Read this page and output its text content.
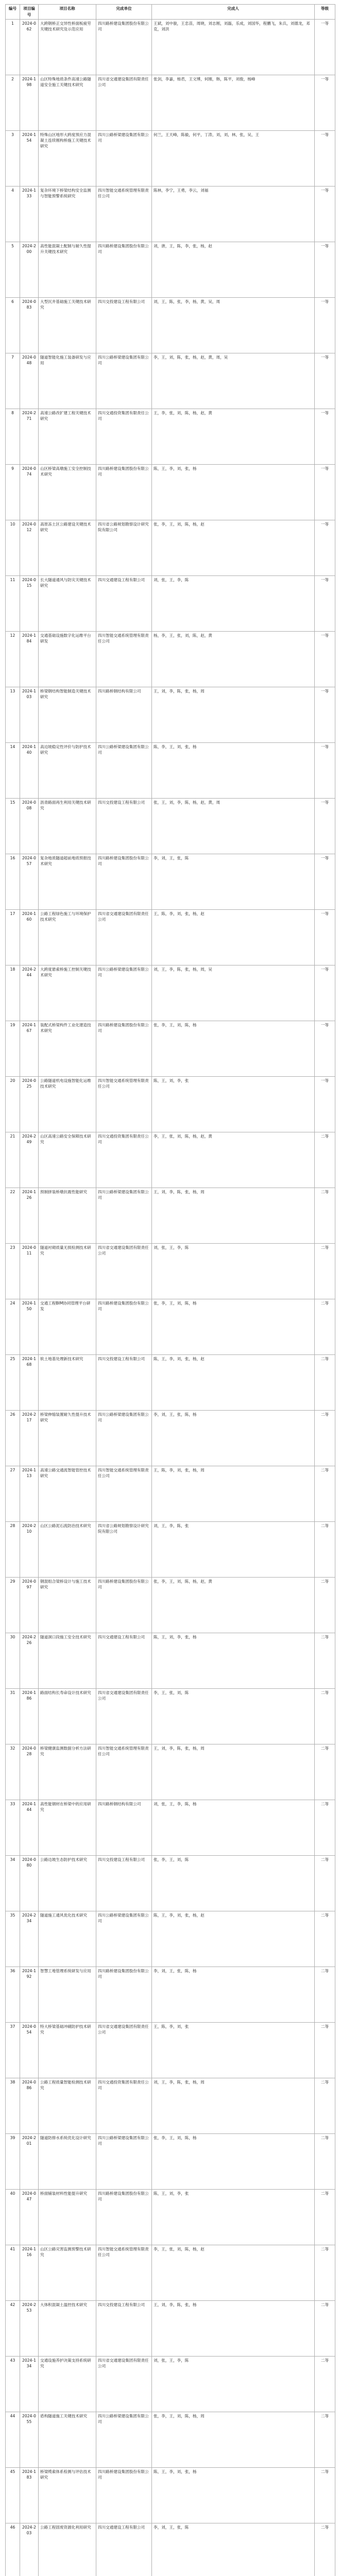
编号	项目编号	项目名称	完成单位	完成人	等级
1	2024-062	大跨钢桥正交异性桥面板疲劳关键技术研究及示范应用	四川路桥建设集团股份有限公司	王斌，刘中骏，王忠苗，周晓，刘志刚，刘磊，乐成，刘国华，程鹏飞，朱兵，刘德龙，邓克，刘洪	一等
2	2024-198	山区特殊地质条件高速公路隧道安全施工关键技术研究	四川省交通建设集团有限责任公司	张剑，李嘉，杨君，王文博，何刚，韩，陈平，刘俊，杨峰	一等
3	2024-154	特殊山区地形大跨度预应力混凝土连续刚构桥施工关键技术研究	四川公路桥梁建设集团有限公司	何兰，王天峰，陈毅，何平，丁涛，刘，刘，林，张，吴，王	一等
4	2024-133	复杂环境下桥梁结构安全监测与智能预警系统研究	四川智能交通系统管理有限责任公司	陈林，李宁，王勇，李云，刘福	一等
5	2024-200	高性能混凝土配制与耐久性提升关键技术研究	四川路桥建设集团股份有限公司	刘，唐，王，陈，李，张，杨，赵	一等
6	2024-083	大型沉井基础施工关键技术研究	四川交投建设工程有限公司	刘，王，陈，张，李，杨，黄，吴，周	一等
7	2024-048	隧道智能化施工装备研发与应用	四川公路桥梁建设集团有限公司	李，王，刘，陈，张，杨，赵，黄，周，吴	一等
8	2024-271	高速公路改扩建工程关键技术研究	四川交通投资集团有限责任公司	王，李，张，刘，陈，杨，赵，黄	一等
9	2024-074	山区桥梁高墩施工安全控制技术研究	四川路桥建设集团股份有限公司	陈，王，李，刘，张，杨	一等
10	2024-012	高原冻土区公路建设关键技术研究	四川省公路规划勘察设计研究院有限公司	张，李，王，刘，陈，杨，赵	一等
11	2024-015	长大隧道通风与防灾关键技术研究	四川交通建设工程有限公司	刘，张，王，李，陈	一等
12	2024-184	交通基础设施数字化运维平台研发	四川智能交通系统管理有限责任公司	杨，李，王，张，刘，陈，赵，黄	一等
13	2024-103	桥梁钢结构智能制造关键技术研究	四川路桥钢结构有限公司	王，刘，李，陈，张，杨，周	一等
14	2024-140	高边坡稳定性评价与防护技术研究	四川公路桥梁建设集团有限公司	陈，李，王，刘，张，杨	一等
15	2024-008	沥青路面再生利用关键技术研究	四川交投建设工程有限公司	张，王，刘，李，陈，杨，赵，黄，周	一等
16	2024-057	复杂地质隧道超前地质预报技术研究	四川路桥建设集团股份有限公司	李，刘，王，张，陈	一等
17	2024-160	公路工程绿色施工与环境保护技术研究	四川省交通建设集团有限责任公司	王，陈，李，刘，张，杨，赵	一等
18	2024-244	大跨度悬索桥施工控制关键技术研究	四川公路桥梁建设集团有限公司	刘，王，李，陈，张，杨，周，吴	一等
19	2024-167	装配式桥梁构件工业化建造技术研究	四川路桥建设集团股份有限公司	张，李，王，刘，陈，杨	一等
20	2024-025	公路隧道机电设施智能化运维技术研究	四川智能交通系统管理有限责任公司	陈，王，刘，李，张	一等
21	2024-249	山区高速公路安全保障技术研究	四川交通投资集团有限责任公司	李，王，张，刘，陈，杨，赵，黄	二等
22	2024-126	预制拼装桥墩抗震性能研究	四川公路桥梁建设集团有限公司	王，刘，李，陈，张，杨，周	二等
23	2024-011	隧道衬砌质量无损检测技术研究	四川省交通建设集团有限责任公司	刘，张，王，李，陈	二等
24	2024-150	交通工程BIM协同管理平台研发	四川路桥建设集团股份有限公司	张，李，王，刘，陈，杨	二等
25	2024-168	软土地基处理新技术研究	四川交投建设工程有限公司	陈，王，李，刘，张，杨，赵	二等
26	2024-217	桥梁伸缩装置耐久性提升技术研究	四川公路桥梁建设集团有限公司	李，刘，王，张，陈，杨	二等
27	2024-113	高速公路交通流智能管控技术研究	四川智能交通系统管理有限责任公司	王，陈，李，刘，张，杨，周	二等
28	2024-210	山区公路泥石流防治技术研究	四川省公路规划勘察设计研究院有限公司	刘，王，李，陈，张	二等
29	2024-097	钢混组合梁桥设计与施工技术研究	四川路桥建设集团股份有限公司	张，李，王，刘，陈，杨，赵，黄	二等
30	2024-226	隧道洞口段施工安全技术研究	四川交通建设工程有限公司	陈，王，刘，李，张，杨	二等
31	2024-186	路面结构长寿命设计技术研究	四川省交通建设集团有限责任公司	李，王，张，刘，陈	二等
32	2024-028	桥梁健康监测数据分析方法研究	四川智能交通系统管理有限责任公司	王，刘，李，陈，张，杨，周	二等
33	2024-144	高性能钢材在桥梁中的应用研究	四川路桥钢结构有限公司	刘，张，王，李，陈，杨	二等
34	2024-080	公路边坡生态防护技术研究	四川交投建设工程有限公司	张，李，王，刘，陈	二等
35	2024-234	隧道施工通风优化技术研究	四川公路桥梁建设集团有限公司	陈，王，李，刘，张，杨，赵	二等
36	2024-192	智慧工地管理系统研发与应用	四川路桥建设集团股份有限公司	李，刘，王，张，陈，杨	二等
37	2024-054	特大桥梁基础冲刷防护技术研究	四川省交通建设集团有限责任公司	王，陈，李，刘，张	二等
38	2024-086	公路工程质量智能检测技术研究	四川交通投资集团有限责任公司	刘，王，李，陈，张，杨，周	二等
39	2024-201	隧道防排水系统优化设计研究	四川公路桥梁建设集团有限公司	张，李，王，刘，陈，杨	二等
40	2024-047	桥面铺装材料性能提升研究	四川路桥建设集团股份有限公司	陈，王，刘，李，张	二等
41	2024-116	山区公路灾害监测预警技术研究	四川智能交通系统管理有限责任公司	李，王，张，刘，陈，杨，赵	二等
42	2024-253	大体积混凝土温控技术研究	四川交投建设工程有限公司	王，刘，李，陈，张，杨	二等
43	2024-134	交通设施养护决策支持系统研究	四川省交通建设集团有限责任公司	刘，张，王，李，陈	二等
44	2024-055	盾构隧道施工关键技术研究	四川公路桥梁建设集团有限公司	张，李，王，刘，陈，杨，周	二等
45	2024-183	桥梁缆索体系检测与评估技术研究	四川路桥建设集团股份有限公司	陈，王，李，刘，张，杨	二等
46	2024-203	公路工程固废资源化利用研究	四川交通建设工程有限公司	李，刘，王，张，陈	二等
